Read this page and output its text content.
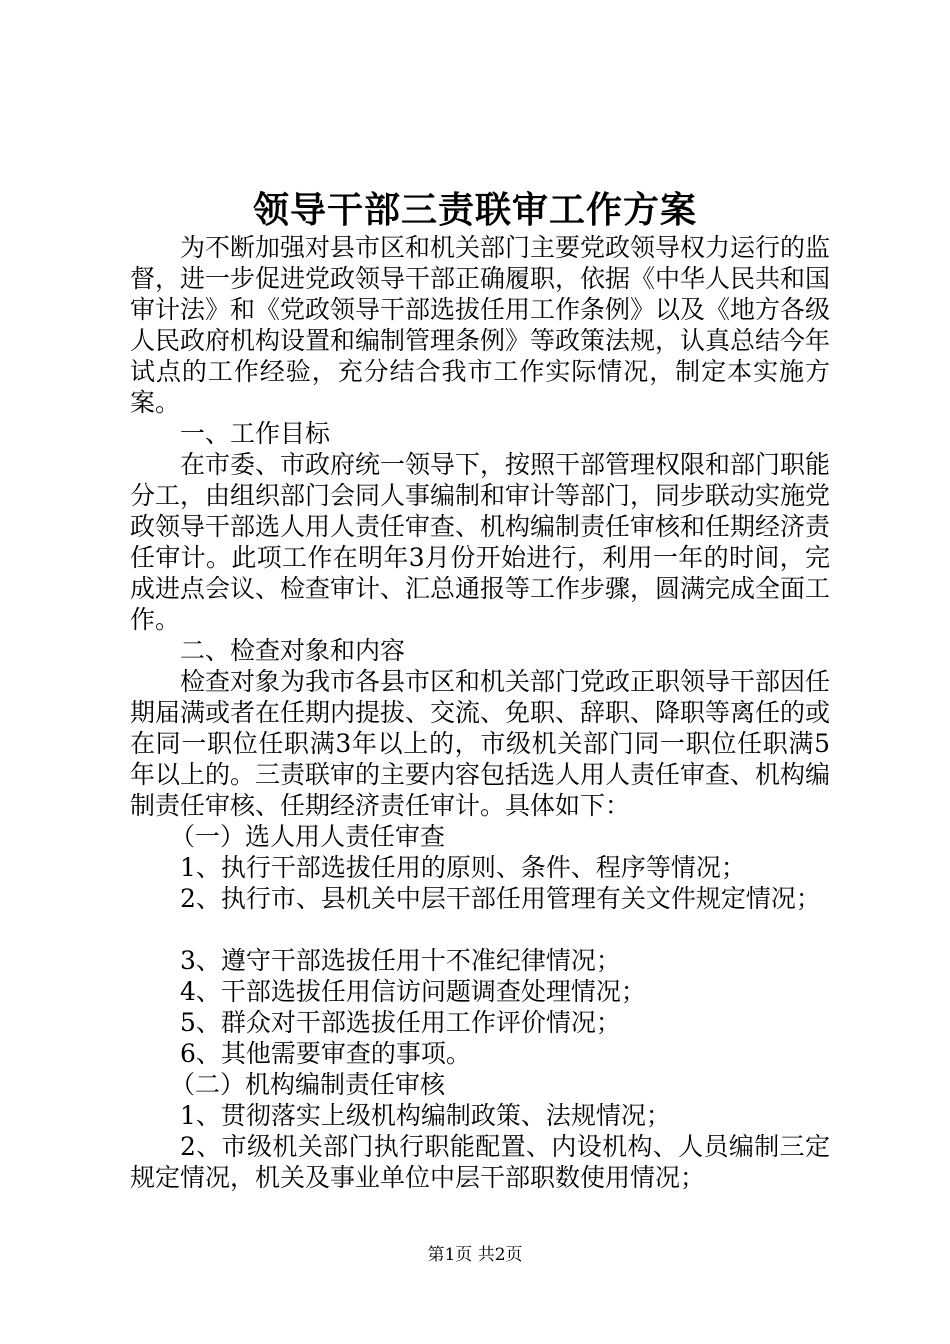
领导干部三责联审工作方案

为不断加强对县市区和机关部门主要党政领导权力运行的监督，进一步促进党政领导干部正确履职，依据《中华人民共和国审计法》和《党政领导干部选拔任用工作条例》以及《地方各级人民政府机构设置和编制管理条例》等政策法规，认真总结今年试点的工作经验，充分结合我市工作实际情况，制定本实施方案。

一、工作目标

在市委、市政府统一领导下，按照干部管理权限和部门职能分工，由组织部门会同人事编制和审计等部门，同步联动实施党政领导干部选人用人责任审查、机构编制责任审核和任期经济责任审计。此项工作在明年3月份开始进行，利用一年的时间，完成进点会议、检查审计、汇总通报等工作步骤，圆满完成全面工作。

二、检查对象和内容

检查对象为我市各县市区和机关部门党政正职领导干部因任期届满或者在任期内提拔、交流、免职、辞职、降职等离任的或在同一职位任职满3年以上的，市级机关部门同一职位任职满5年以上的。三责联审的主要内容包括选人用人责任审查、机构编制责任审核、任期经济责任审计。具体如下：

（一）选人用人责任审查

1、执行干部选拔任用的原则、条件、程序等情况；

2、执行市、县机关中层干部任用管理有关文件规定情况；

3、遵守干部选拔任用十不准纪律情况；

4、干部选拔任用信访问题调查处理情况；

5、群众对干部选拔任用工作评价情况；

6、其他需要审查的事项。

（二）机构编制责任审核

1、贯彻落实上级机构编制政策、法规情况；

2、市级机关部门执行职能配置、内设机构、人员编制三定规定情况，机关及事业单位中层干部职数使用情况；

第1页 共2页
